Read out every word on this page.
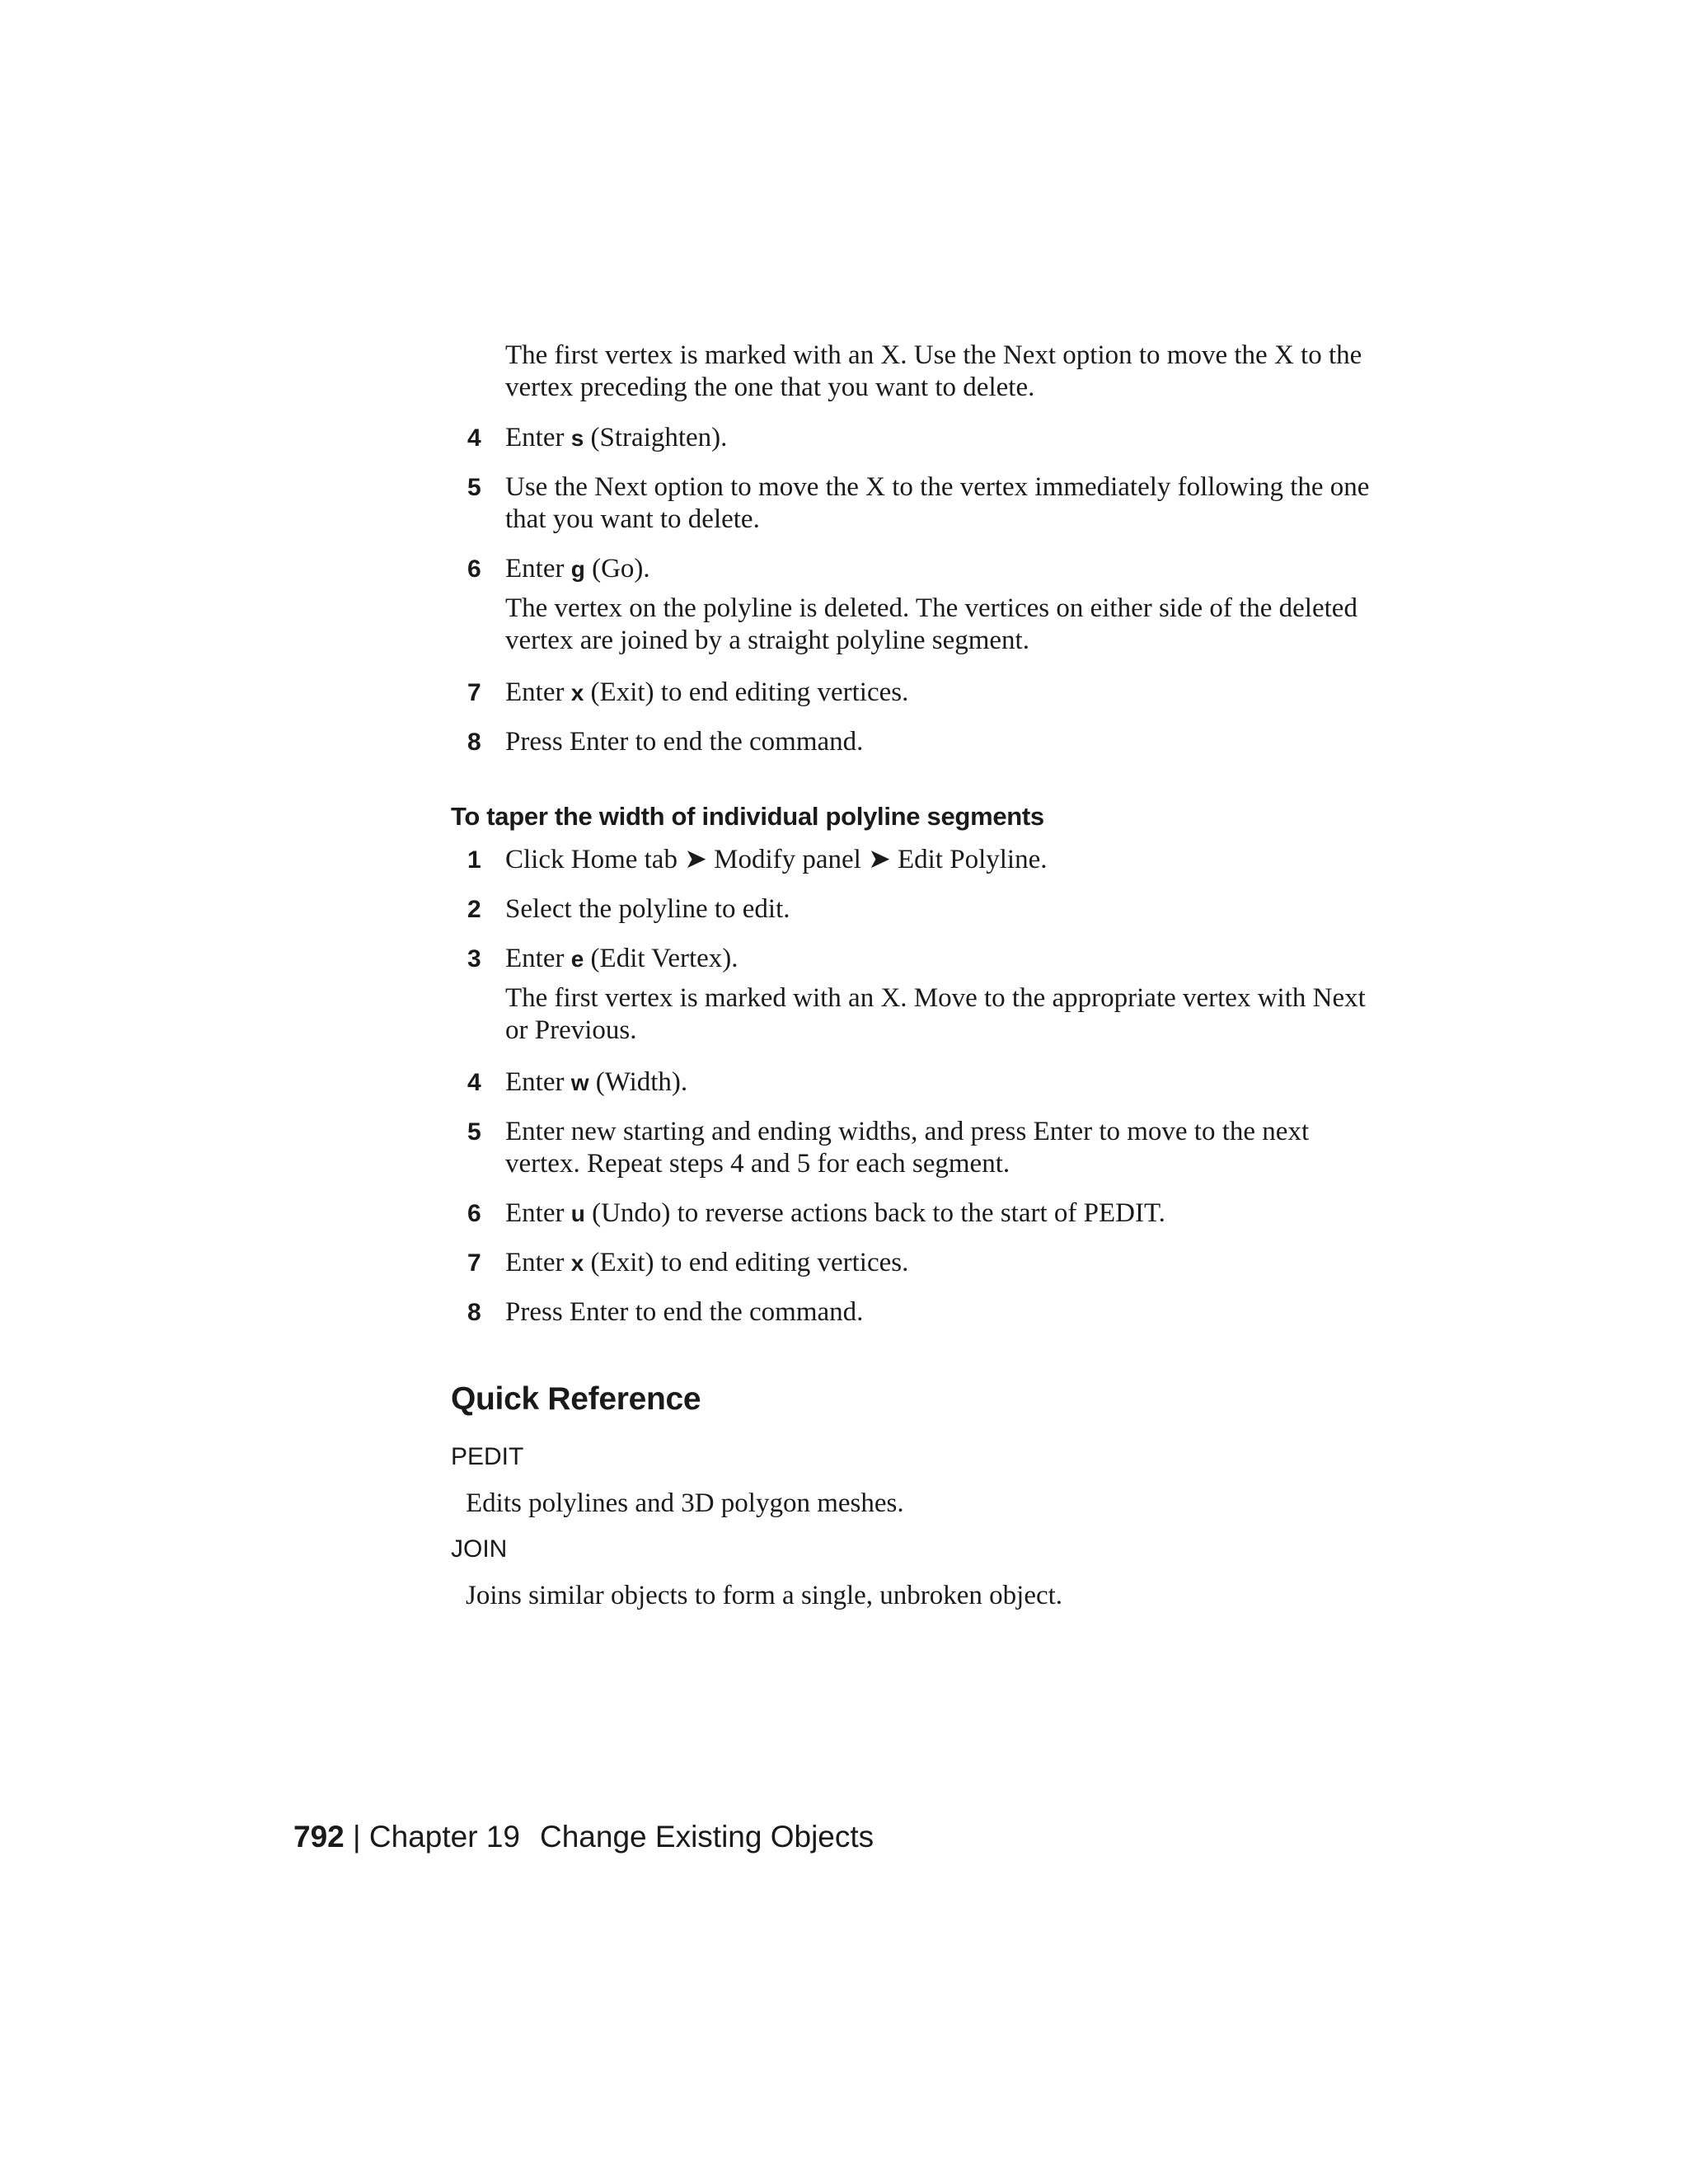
The first vertex is marked with an X. Use the Next option to move the X to the vertex preceding the one that you want to delete.

4 Enter s (Straighten).

5 Use the Next option to move the X to the vertex immediately following the one that you want to delete.

6 Enter g (Go).

The vertex on the polyline is deleted. The vertices on either side of the deleted vertex are joined by a straight polyline segment.

7 Enter x (Exit) to end editing vertices.

8 Press Enter to end the command.

To taper the width of individual polyline segments
1 Click Home tab ➤ Modify panel ➤ Edit Polyline.

2 Select the polyline to edit.

3 Enter e (Edit Vertex).

The first vertex is marked with an X. Move to the appropriate vertex with Next or Previous.

4 Enter w (Width).

5 Enter new starting and ending widths, and press Enter to move to the next vertex. Repeat steps 4 and 5 for each segment.

6 Enter u (Undo) to reverse actions back to the start of PEDIT.

7 Enter x (Exit) to end editing vertices.

8 Press Enter to end the command.

Quick Reference

PEDIT

Edits polylines and 3D polygon meshes.

JOIN

Joins similar objects to form a single, unbroken object.

792 | Chapter 19 Change Existing Objects
